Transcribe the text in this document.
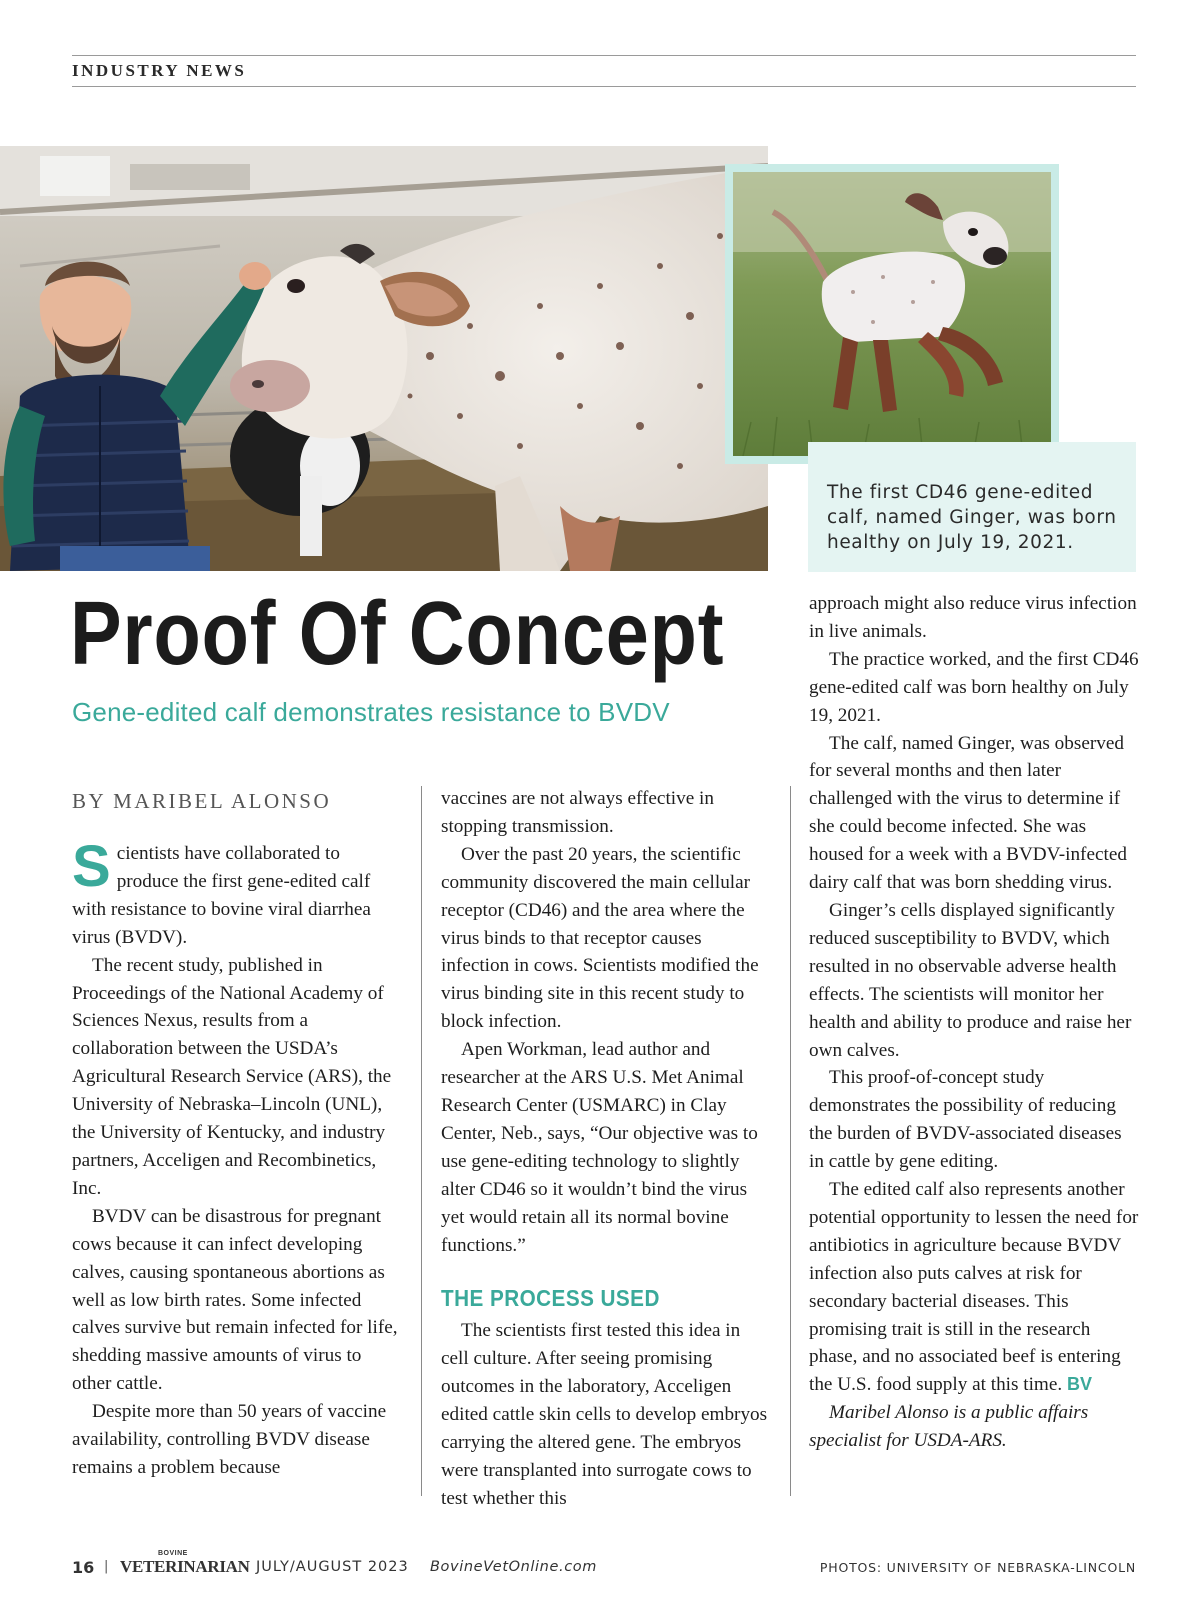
INDUSTRY NEWS
The first CD46 gene-edited calf, named Ginger, was born healthy on July 19, 2021.
Proof Of Concept
Gene-edited calf demonstrates resistance to BVDV
BY MARIBEL ALONSO

Scientists have collaborated to produce the first gene-edited calf with resistance to bovine viral diarrhea virus (BVDV).

The recent study, published in Proceedings of the National Academy of Sciences Nexus, results from a collaboration between the USDA’s Agricultural Research Service (ARS), the University of Nebraska–Lincoln (UNL), the University of Kentucky, and industry partners, Acceligen and Recombinetics, Inc.

BVDV can be disastrous for pregnant cows because it can infect developing calves, causing spontaneous abortions as well as low birth rates. Some infected calves survive but remain infected for life, shedding massive amounts of virus to other cattle.

Despite more than 50 years of vaccine availability, controlling BVDV disease remains a problem because

vaccines are not always effective in stopping transmission.

Over the past 20 years, the scientific community discovered the main cellular receptor (CD46) and the area where the virus binds to that receptor causes infection in cows. Scientists modified the virus binding site in this recent study to block infection.

Apen Workman, lead author and researcher at the ARS U.S. Met Animal Research Center (USMARC) in Clay Center, Neb., says, “Our objective was to use gene-editing technology to slightly alter CD46 so it wouldn’t bind the virus yet would retain all its normal bovine functions.”

THE PROCESS USED

The scientists first tested this idea in cell culture. After seeing promising outcomes in the laboratory, Acceligen edited cattle skin cells to develop embryos carrying the altered gene. The embryos were transplanted into surrogate cows to test whether this

approach might also reduce virus infection in live animals.

The practice worked, and the first CD46 gene-edited calf was born healthy on July 19, 2021.

The calf, named Ginger, was observed for several months and then later challenged with the virus to determine if she could become infected. She was housed for a week with a BVDV-infected dairy calf that was born shedding virus.

Ginger’s cells displayed significantly reduced susceptibility to BVDV, which resulted in no observable adverse health effects. The scientists will monitor her health and ability to produce and raise her own calves.

This proof-of-concept study demonstrates the possibility of reducing the burden of BVDV-associated diseases in cattle by gene editing.

The edited calf also represents another potential opportunity to lessen the need for antibiotics in agriculture because BVDV infection also puts calves at risk for secondary bacterial diseases. This promising trait is still in the research phase, and no associated beef is entering the U.S. food supply at this time. BV

Maribel Alonso is a public affairs specialist for USDA-ARS.

16 |
BOVINE
VETERINARIAN JULY/AUGUST 2023 BovineVetOnline.com	PHOTOS: UNIVERSITY OF NEBRASKA-LINCOLN
